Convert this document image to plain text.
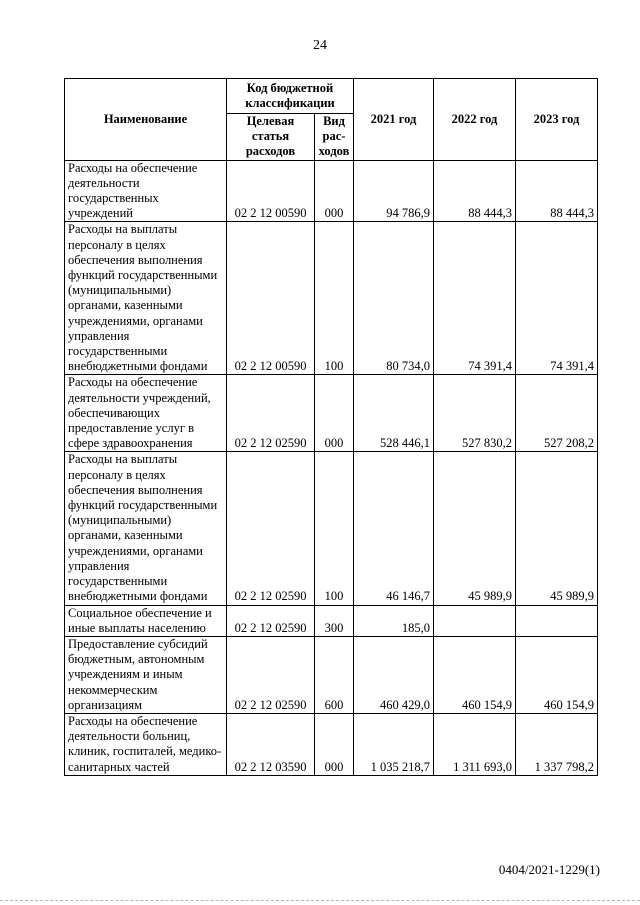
24
Наименование	Код бюджетной классификации		2021 год	2022 год	2023 год
	Целевая статья расходов	Вид рас-ходов			
Расходы на обеспечение деятельности государственных учреждений	02 2 12 00590	000	94 786,9	88 444,3	88 444,3
Расходы на выплаты персоналу в целях обеспечения выполнения функций государственными (муниципальными) органами, казенными учреждениями, органами управления государственными внебюджетными фондами	02 2 12 00590	100	80 734,0	74 391,4	74 391,4
Расходы на обеспечение деятельности учреждений, обеспечивающих предоставление услуг в сфере здравоохранения	02 2 12 02590	000	528 446,1	527 830,2	527 208,2
Расходы на выплаты персоналу в целях обеспечения выполнения функций государственными (муниципальными) органами, казенными учреждениями, органами управления государственными внебюджетными фондами	02 2 12 02590	100	46 146,7	45 989,9	45 989,9
Социальное обеспечение и иные выплаты населению	02 2 12 02590	300	185,0		
Предоставление субсидий бюджетным, автономным учреждениям и иным некоммерческим организациям	02 2 12 02590	600	460 429,0	460 154,9	460 154,9
Расходы на обеспечение деятельности больниц, клиник, госпиталей, медико-санитарных частей	02 2 12 03590	000	1 035 218,7	1 311 693,0	1 337 798,2
0404/2021-1229(1)
